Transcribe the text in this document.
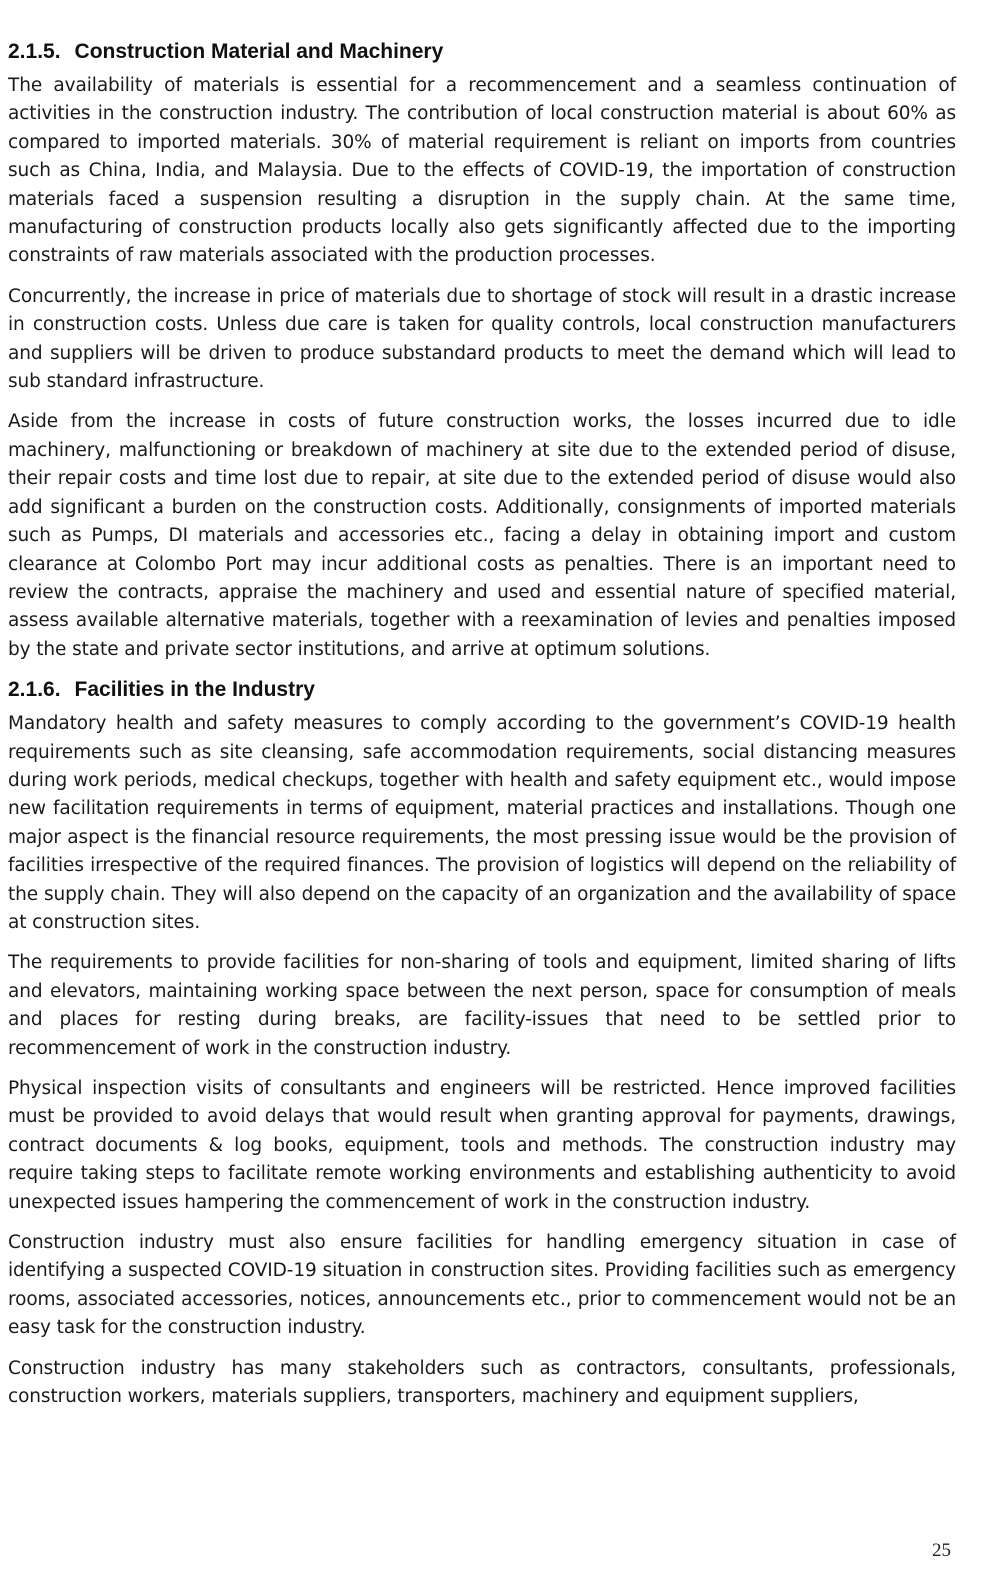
2.1.5. Construction Material and Machinery

The availability of materials is essential for a recommencement and a seamless continuation of activities in the construction industry. The contribution of local construction material is about 60% as compared to imported materials. 30% of material requirement is reliant on imports from countries such as China, India, and Malaysia. Due to the effects of COVID-19, the importation of construction materials faced a suspension resulting a disruption in the supply chain. At the same time, manufacturing of construction products locally also gets significantly affected due to the importing constraints of raw materials associated with the production processes.

Concurrently, the increase in price of materials due to shortage of stock will result in a drastic increase in construction costs. Unless due care is taken for quality controls, local construction manufacturers and suppliers will be driven to produce substandard products to meet the demand which will lead to sub standard infrastructure.

Aside from the increase in costs of future construction works, the losses incurred due to idle machinery, malfunctioning or breakdown of machinery at site due to the extended period of disuse, their repair costs and time lost due to repair, at site due to the extended period of disuse would also add significant a burden on the construction costs. Additionally, consignments of imported materials such as Pumps, DI materials and accessories etc., facing a delay in obtaining import and custom clearance at Colombo Port may incur additional costs as penalties. There is an important need to review the contracts, appraise the machinery and used and essential nature of specified material, assess available alternative materials, together with a reexamination of levies and penalties imposed by the state and private sector institutions, and arrive at optimum solutions.

2.1.6. Facilities in the Industry

Mandatory health and safety measures to comply according to the government’s COVID-19 health requirements such as site cleansing, safe accommodation requirements, social distancing measures during work periods, medical checkups, together with health and safety equipment etc., would impose new facilitation requirements in terms of equipment, material practices and installations. Though one major aspect is the financial resource requirements, the most pressing issue would be the provision of facilities irrespective of the required finances. The provision of logistics will depend on the reliability of the supply chain. They will also depend on the capacity of an organization and the availability of space at construction sites.

The requirements to provide facilities for non-sharing of tools and equipment, limited sharing of lifts and elevators, maintaining working space between the next person, space for consumption of meals and places for resting during breaks, are facility-issues that need to be settled prior to recommencement of work in the construction industry.

Physical inspection visits of consultants and engineers will be restricted. Hence improved facilities must be provided to avoid delays that would result when granting approval for payments, drawings, contract documents & log books, equipment, tools and methods. The construction industry may require taking steps to facilitate remote working environments and establishing authenticity to avoid unexpected issues hampering the commencement of work in the construction industry.

Construction industry must also ensure facilities for handling emergency situation in case of identifying a suspected COVID-19 situation in construction sites. Providing facilities such as emergency rooms, associated accessories, notices, announcements etc., prior to commencement would not be an easy task for the construction industry.

Construction industry has many stakeholders such as contractors, consultants, professionals, construction workers, materials suppliers, transporters, machinery and equipment suppliers,

25
